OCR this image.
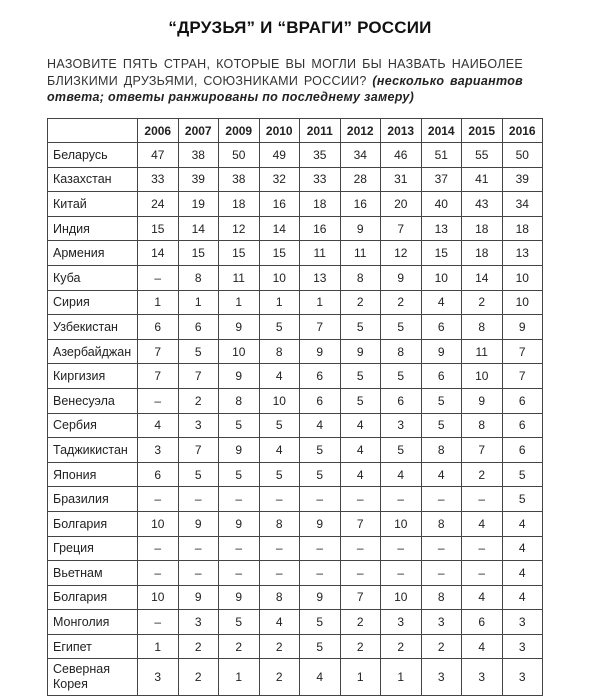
“ДРУЗЬЯ” И “ВРАГИ” РОССИИ
НАЗОВИТЕ ПЯТЬ СТРАН, КОТОРЫЕ ВЫ МОГЛИ БЫ НАЗВАТЬ НАИБОЛЕЕ БЛИЗКИМИ ДРУЗЬЯМИ, СОЮЗНИКАМИ РОССИИ? (несколько вариантов ответа; ответы ранжированы по последнему замеру)
	2006	2007	2009	2010	2011	2012	2013	2014	2015	2016
Беларусь	47	38	50	49	35	34	46	51	55	50
Казахстан	33	39	38	32	33	28	31	37	41	39
Китай	24	19	18	16	18	16	20	40	43	34
Индия	15	14	12	14	16	9	7	13	18	18
Армения	14	15	15	15	11	11	12	15	18	13
Куба	–	8	11	10	13	8	9	10	14	10
Сирия	1	1	1	1	1	2	2	4	2	10
Узбекистан	6	6	9	5	7	5	5	6	8	9
Азербайджан	7	5	10	8	9	9	8	9	11	7
Киргизия	7	7	9	4	6	5	5	6	10	7
Венесуэла	–	2	8	10	6	5	6	5	9	6
Сербия	4	3	5	5	4	4	3	5	8	6
Таджикистан	3	7	9	4	5	4	5	8	7	6
Япония	6	5	5	5	5	4	4	4	2	5
Бразилия	–	–	–	–	–	–	–	–	–	5
Болгария	10	9	9	8	9	7	10	8	4	4
Греция	–	–	–	–	–	–	–	–	–	4
Вьетнам	–	–	–	–	–	–	–	–	–	4
Болгария	10	9	9	8	9	7	10	8	4	4
Монголия	–	3	5	4	5	2	3	3	6	3
Египет	1	2	2	2	5	2	2	2	4	3
Северная
Корея	3	2	1	2	4	1	1	3	3	3
